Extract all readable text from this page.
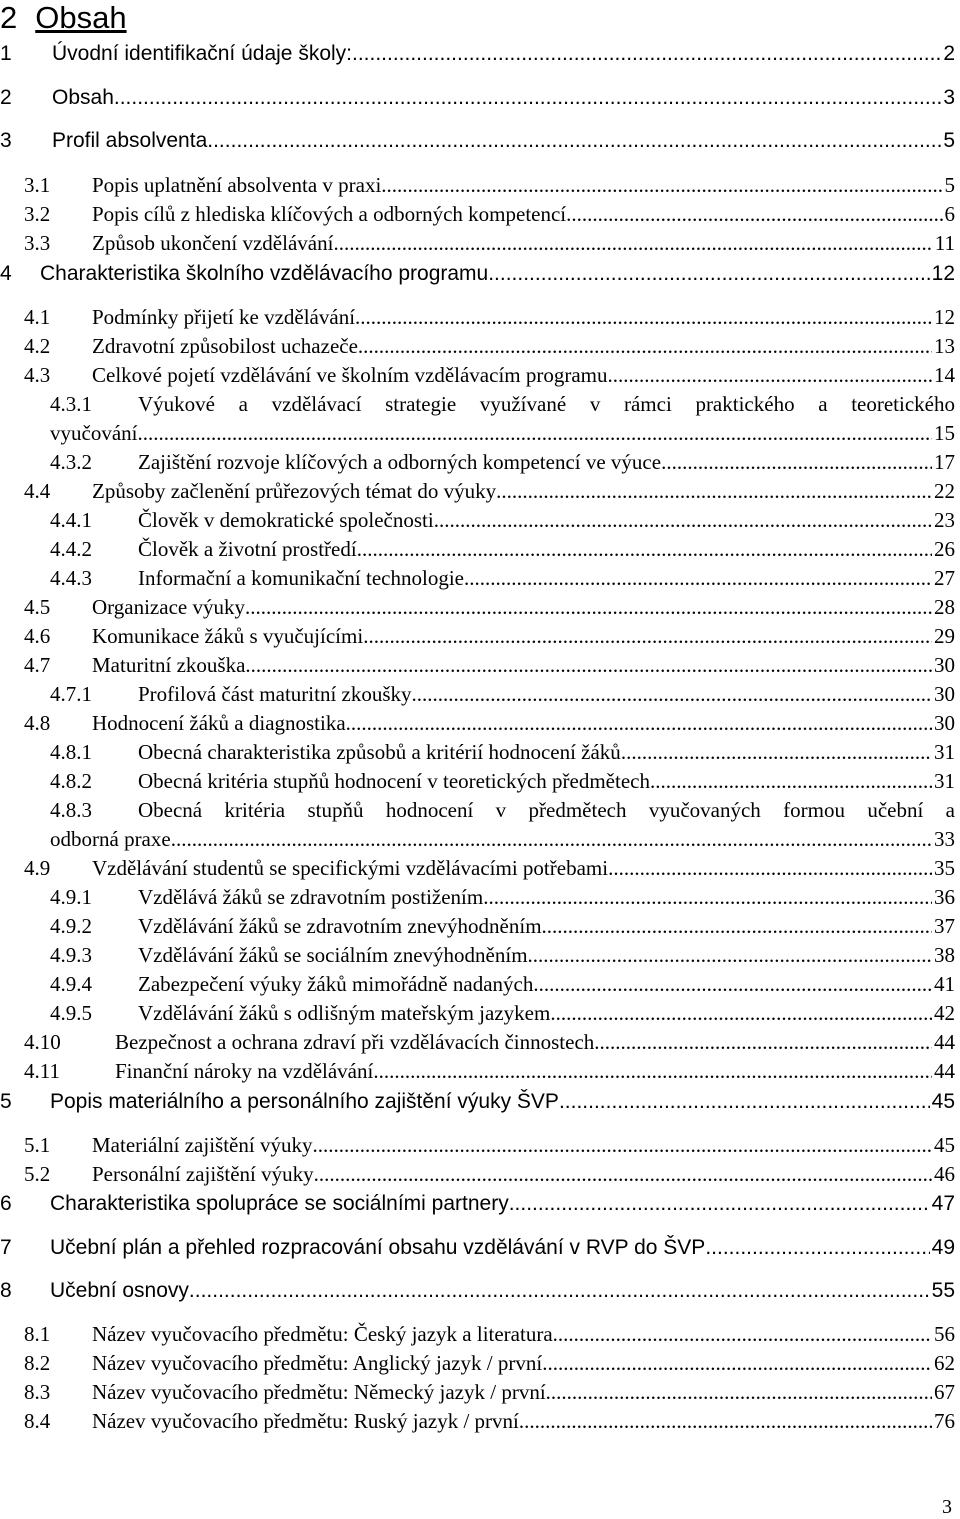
2 Obsah
1	Úvodní identifikační údaje školy: .....	2
2	Obsah .....	3
3	Profil absolventa .....	5
3.1	Popis uplatnění absolventa v praxi .....	5
3.2	Popis cílů z hlediska klíčových a odborných kompetencí .....	6
3.3	Způsob ukončení vzdělávání .....	11
4	Charakteristika školního vzdělávacího programu .....	12
4.1	Podmínky přijetí ke vzdělávání .....	12
4.2	Zdravotní způsobilost uchazeče .....	13
4.3	Celkové pojetí vzdělávání ve školním vzdělávacím programu .....	14
4.3.1	Výukové a vzdělávací strategie využívané v rámci praktického a teoretického
vyučování .....	15
4.3.2	Zajištění rozvoje klíčových a odborných kompetencí ve výuce .....	17
4.4	Způsoby začlenění průřezových témat do výuky .....	22
4.4.1	Člověk v demokratické společnosti .....	23
4.4.2	Člověk a životní prostředí .....	26
4.4.3	Informační a komunikační technologie .....	27
4.5	Organizace výuky .....	28
4.6	Komunikace žáků s vyučujícími .....	29
4.7	Maturitní zkouška .....	30
4.7.1	Profilová část maturitní zkoušky .....	30
4.8	Hodnocení žáků a diagnostika .....	30
4.8.1	Obecná charakteristika způsobů a kritérií hodnocení žáků .....	31
4.8.2	Obecná kritéria stupňů hodnocení v teoretických předmětech .....	31
4.8.3	Obecná kritéria stupňů hodnocení v předmětech vyučovaných formou učební a
odborná praxe .....	33
4.9	Vzdělávání studentů se specifickými vzdělávacími potřebami .....	35
4.9.1	Vzdělává žáků se zdravotním postižením .....	36
4.9.2	Vzdělávání žáků se zdravotním znevýhodněním .....	37
4.9.3	Vzdělávání žáků se sociálním znevýhodněním .....	38
4.9.4	Zabezpečení výuky žáků mimořádně nadaných .....	41
4.9.5	Vzdělávání žáků s odlišným mateřským jazykem .....	42
4.10	Bezpečnost a ochrana zdraví při vzdělávacích činnostech .....	44
4.11	Finanční nároky na vzdělávání .....	44
5	Popis materiálního a personálního zajištění výuky ŠVP .....	45
5.1	Materiální zajištění výuky .....	45
5.2	Personální zajištění výuky .....	46
6	Charakteristika spolupráce se sociálními partnery .....	47
7	Učební plán a přehled rozpracování obsahu vzdělávání v RVP do ŠVP .....	49
8	Učební osnovy .....	55
8.1	Název vyučovacího předmětu: Český jazyk a literatura .....	56
8.2	Název vyučovacího předmětu: Anglický jazyk / první .....	62
8.3	Název vyučovacího předmětu: Německý jazyk / první .....	67
8.4	Název vyučovacího předmětu: Ruský jazyk / první .....	76
3
